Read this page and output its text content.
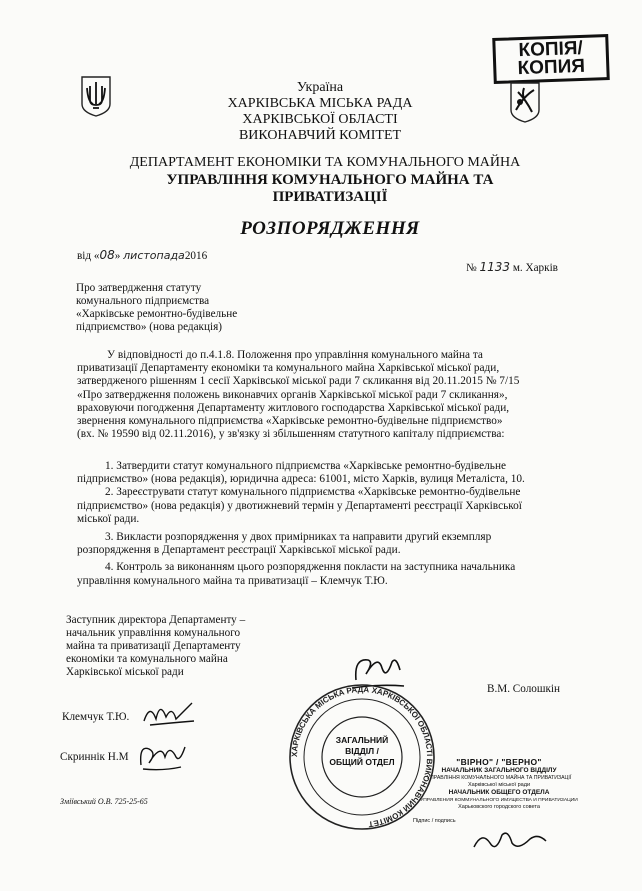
КОПІЯ/
КОПИЯ
Україна
ХАРКІВСЬКА МІСЬКА РАДА
ХАРКІВСЬКОЇ ОБЛАСТІ
ВИКОНАВЧИЙ КОМІТЕТ
ДЕПАРТАМЕНТ ЕКОНОМІКИ ТА КОМУНАЛЬНОГО МАЙНА
УПРАВЛІННЯ КОМУНАЛЬНОГО МАЙНА ТА
ПРИВАТИЗАЦІЇ
РОЗПОРЯДЖЕННЯ
від «08» листопада2016
№ 1133 м. Харків
Про затвердження статуту
комунального підприємства
«Харківське ремонтно-будівельне
підприємство» (нова редакція)
У відповідності до п.4.1.8. Положення про управління комунального майна та
приватизації Департаменту економіки та комунального майна Харківської міської ради,
затвердженого рішенням 1 сесії Харківської міської ради 7 скликання від 20.11.2015 № 7/15
«Про затвердження положень виконавчих органів Харківської міської ради 7 скликання»,
враховуючи погодження Департаменту житлового господарства Харківської міської ради,
звернення комунального підприємства «Харківське ремонтно-будівельне підприємство»
(вх. № 19590 від 02.11.2016), у зв'язку зі збільшенням статутного капіталу підприємства:
1. Затвердити статут комунального підприємства «Харківське ремонтно-будівельне
підприємство» (нова редакція), юридична адреса: 61001, місто Харків, вулиця Металіста, 10.
2. Зареєструвати статут комунального підприємства «Харківське ремонтно-будівельне
підприємство» (нова редакція) у двотижневий термін у Департаменті реєстрації Харківської
міської ради.
3. Викласти розпорядження у двох примірниках та направити другий екземпляр
розпорядження в Департамент реєстрації Харківської міської ради.
4. Контроль за виконанням цього розпорядження покласти на заступника начальника
управління комунального майна та приватизації – Клемчук Т.Ю.
Заступник директора Департаменту –
начальник управління комунального
майна та приватизації Департаменту
економіки та комунального майна
Харківської міської ради
В.М. Солошкін
Клемчук Т.Ю.
Скриннік Н.М
Зміївський О.В. 725-25-65
ЗАГАЛЬНИЙ
ВІДДІЛ /
ОБЩИЙ ОТДЕЛ
ХАРКІВСЬКА МІСЬКА РАДА ХАРКІВСЬКОЇ ОБЛАСТІ ВИКОНАВЧИЙ КОМІТЕТ
"ВІРНО" / "ВЕРНО"
НАЧАЛЬНИК ЗАГАЛЬНОГО ВІДДІЛУ
УПРАВЛІННЯ КОМУНАЛЬНОГО МАЙНА ТА ПРИВАТИЗАЦІЇ
Харківської міської ради
НАЧАЛЬНИК ОБЩЕГО ОТДЕЛА
УПРАВЛЕНИЯ КОММУНАЛЬНОГО ИМУЩЕСТВА И ПРИВАТИЗАЦИИ
Харьковского городского совета
Підпис / подпись
